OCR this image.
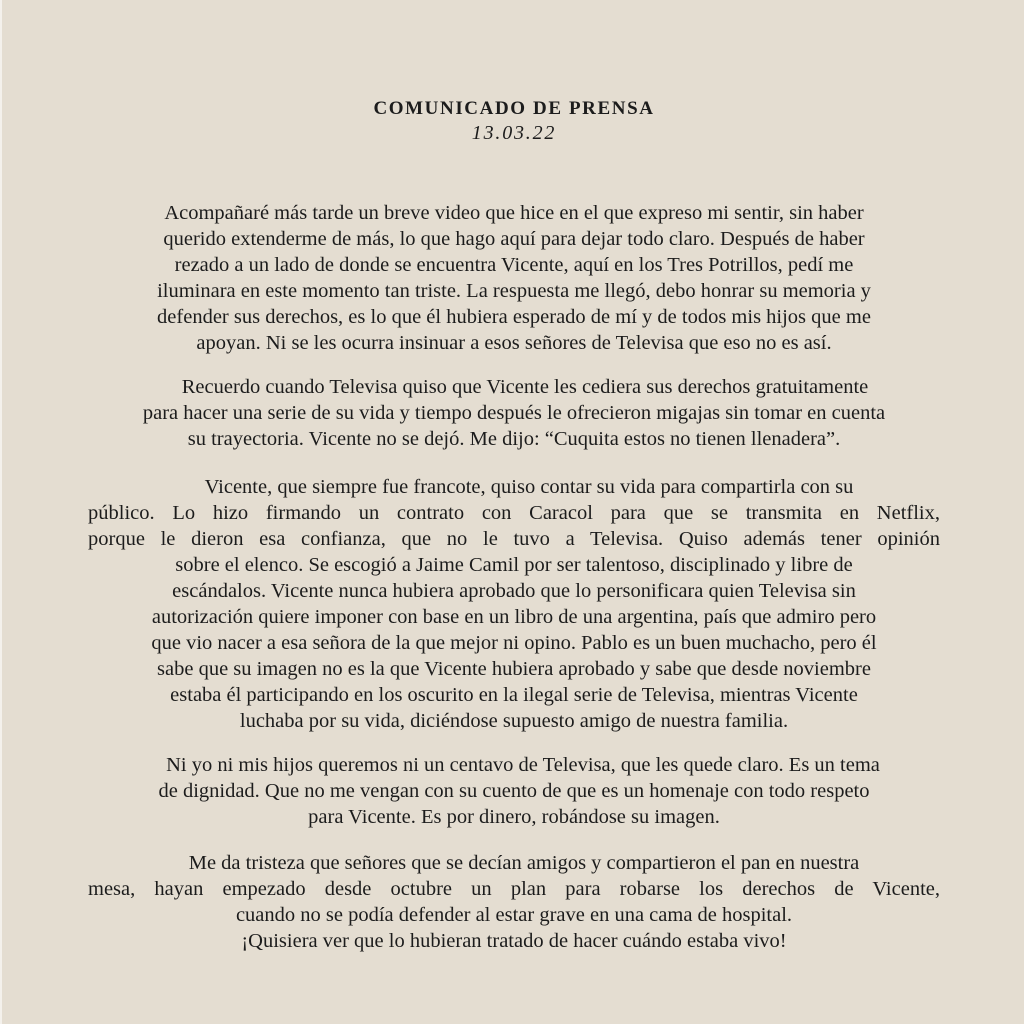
COMUNICADO DE PRENSA
13.03.22
Acompañaré más tarde un breve video que hice en el que expreso mi sentir, sin haber
querido extenderme de más, lo que hago aquí para dejar todo claro. Después de haber
rezado a un lado de donde se encuentra Vicente, aquí en los Tres Potrillos, pedí me
iluminara en este momento tan triste. La respuesta me llegó, debo honrar su memoria y
defender sus derechos, es lo que él hubiera esperado de mí y de todos mis hijos que me
apoyan. Ni se les ocurra insinuar a esos señores de Televisa que eso no es así.
Recuerdo cuando Televisa quiso que Vicente les cediera sus derechos gratuitamente
para hacer una serie de su vida y tiempo después le ofrecieron migajas sin tomar en cuenta
su trayectoria. Vicente no se dejó. Me dijo: “Cuquita estos no tienen llenadera”.
Vicente, que siempre fue francote, quiso contar su vida para compartirla con su
público. Lo hizo firmando un contrato con Caracol para que se transmita en Netflix,
porque le dieron esa confianza, que no le tuvo a Televisa. Quiso además tener opinión
sobre el elenco. Se escogió a Jaime Camil por ser talentoso, disciplinado y libre de
escándalos. Vicente nunca hubiera aprobado que lo personificara quien Televisa sin
autorización quiere imponer con base en un libro de una argentina, país que admiro pero
que vio nacer a esa señora de la que mejor ni opino. Pablo es un buen muchacho, pero él
sabe que su imagen no es la que Vicente hubiera aprobado y sabe que desde noviembre
estaba él participando en los oscurito en la ilegal serie de Televisa, mientras Vicente
luchaba por su vida, diciéndose supuesto amigo de nuestra familia.
Ni yo ni mis hijos queremos ni un centavo de Televisa, que les quede claro. Es un tema
de dignidad. Que no me vengan con su cuento de que es un homenaje con todo respeto
para Vicente. Es por dinero, robándose su imagen.
Me da tristeza que señores que se decían amigos y compartieron el pan en nuestra
mesa, hayan empezado desde octubre un plan para robarse los derechos de Vicente,
cuando no se podía defender al estar grave en una cama de hospital.
¡Quisiera ver que lo hubieran tratado de hacer cuándo estaba vivo!
